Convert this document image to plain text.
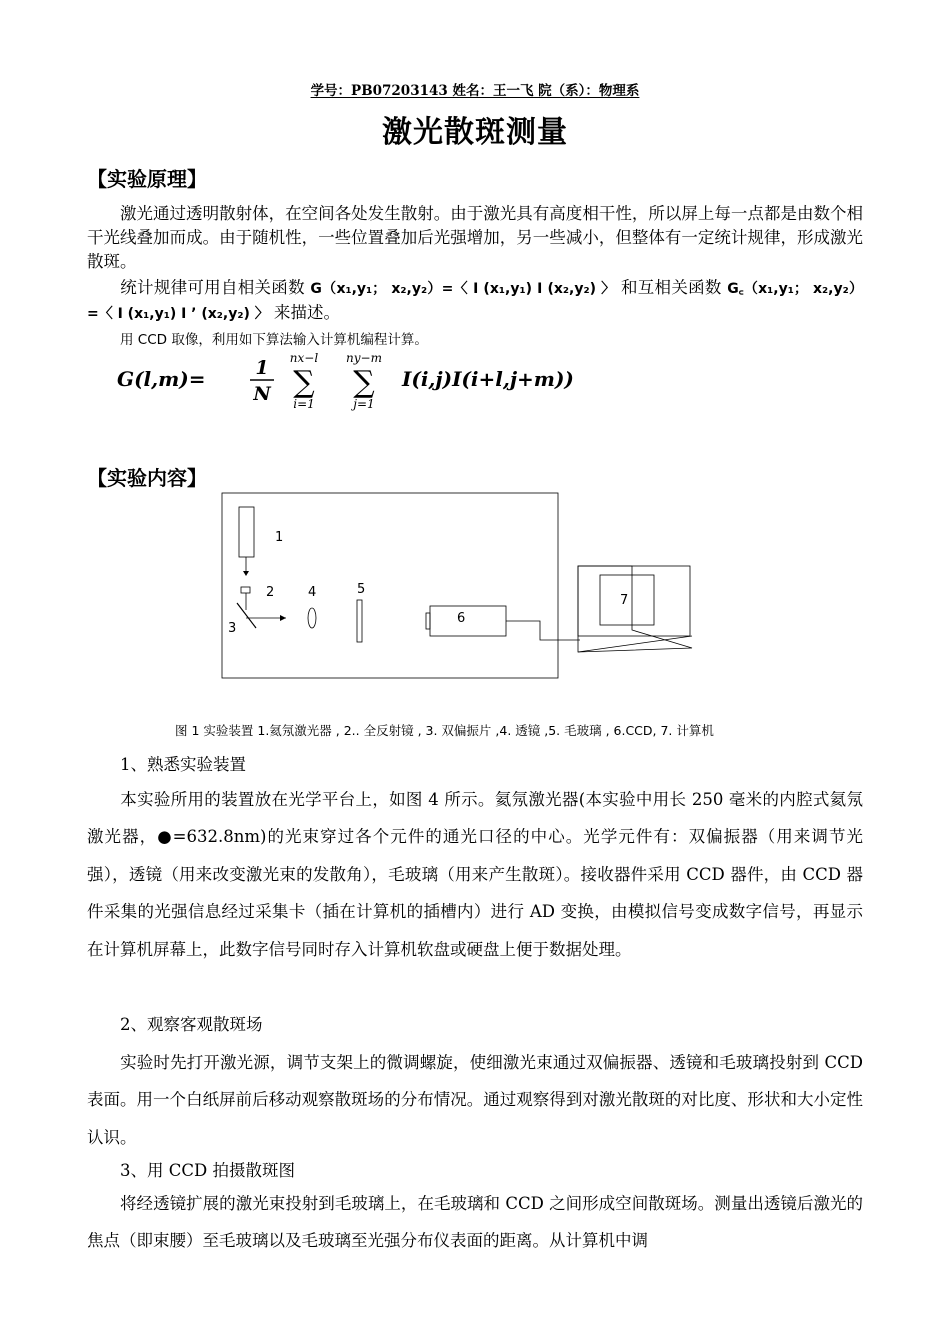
学号：PB07203143 姓名：王一飞 院（系）：物理系
激光散斑测量
【实验原理】
激光通过透明散射体，在空间各处发生散射。由于激光具有高度相干性，所以屏上每一点都是由数个相干光线叠加而成。由于随机性，一些位置叠加后光强增加，另一些减小，但整体有一定统计规律，形成激光散斑。
统计规律可用自相关函数 G（x₁,y₁； x₂,y₂）=〈 I (x₁,y₁) I (x₂,y₂) 〉 和互相关函数 G꜀（x₁,y₁； x₂,y₂）=〈 I (x₁,y₁) I ’ (x₂,y₂) 〉 来描述。
用 CCD 取像，利用如下算法输入计算机编程计算。
G(l,m)=	1
N
nx−l
∑
i=1
ny−m
∑
j=1
I(i,j)I(i+l,j+m))
【实验内容】
1
2
3
4	5
6
7
图 1 实验装置 1.氦氖激光器 , 2.. 全反射镜 , 3. 双偏振片 ,4. 透镜 ,5. 毛玻璃 , 6.CCD, 7. 计算机
1、熟悉实验装置
本实验所用的装置放在光学平台上，如图 4 所示。氦氖激光器(本实验中用长 250 毫米的内腔式氦氖激光器，●=632.8nm)的光束穿过各个元件的通光口径的中心。光学元件有：双偏振器（用来调节光强），透镜（用来改变激光束的发散角），毛玻璃（用来产生散斑）。接收器件采用 CCD 器件，由 CCD 器件采集的光强信息经过采集卡（插在计算机的插槽内）进行 AD 变换，由模拟信号变成数字信号，再显示在计算机屏幕上，此数字信号同时存入计算机软盘或硬盘上便于数据处理。
2、观察客观散斑场
实验时先打开激光源，调节支架上的微调螺旋，使细激光束通过双偏振器、透镜和毛玻璃投射到 CCD 表面。用一个白纸屏前后移动观察散斑场的分布情况。通过观察得到对激光散斑的对比度、形状和大小定性认识。
3、用 CCD 拍摄散斑图
将经透镜扩展的激光束投射到毛玻璃上，在毛玻璃和 CCD 之间形成空间散斑场。测量出透镜后激光的焦点（即束腰）至毛玻璃以及毛玻璃至光强分布仪表面的距离。从计算机中调
